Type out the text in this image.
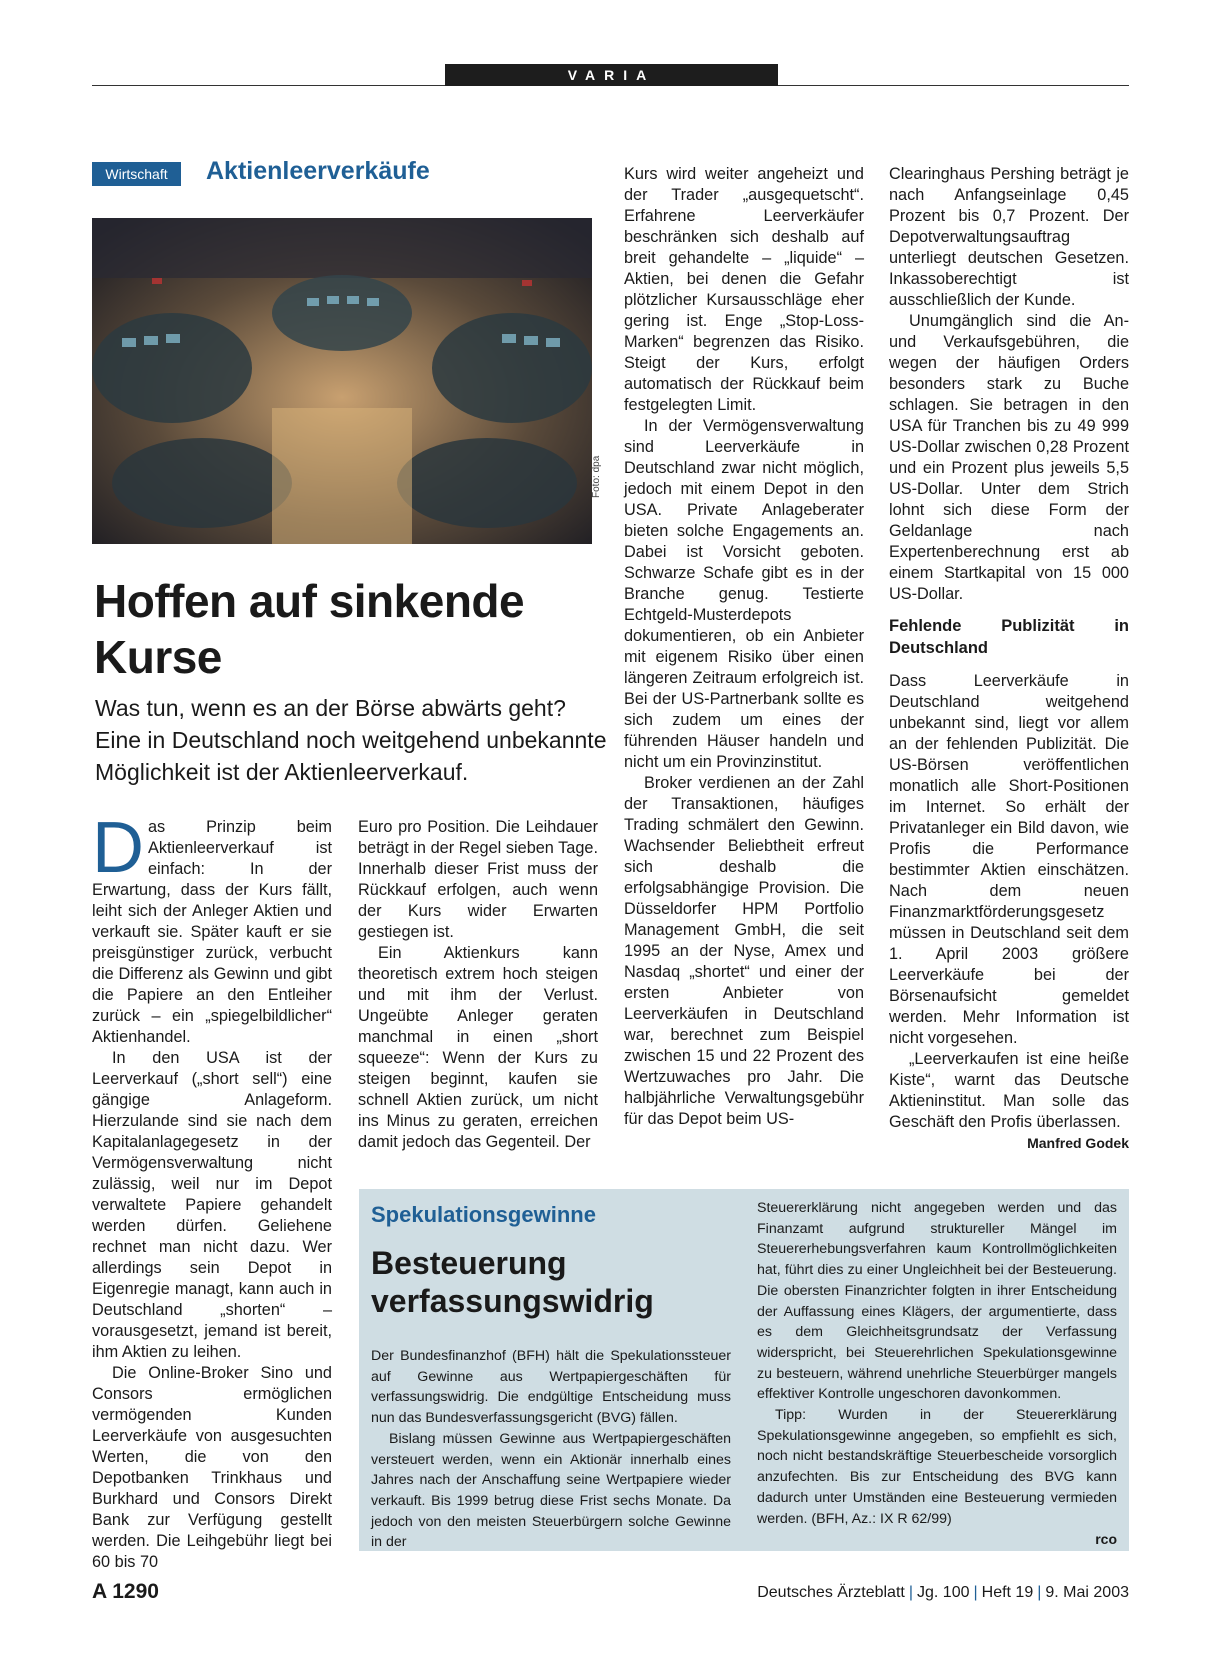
VARIA
Wirtschaft	Aktienleerverkäufe
Foto: dpa
Hoffen auf sinkende Kurse
Was tun, wenn es an der Börse abwärts geht? Eine in Deutschland noch weitgehend unbekannte Möglichkeit ist der Aktienleerverkauf.

Das Prinzip beim Aktienleerverkauf ist einfach: In der Erwartung, dass der Kurs fällt, leiht sich der Anleger Aktien und verkauft sie. Später kauft er sie preisgünstiger zurück, verbucht die Differenz als Gewinn und gibt die Papiere an den Entleiher zurück – ein „spiegelbildlicher“ Aktienhandel.

In den USA ist der Leerverkauf („short sell“) eine gängige Anlageform. Hierzulande sind sie nach dem Kapitalanlagegesetz in der Vermögensverwaltung nicht zulässig, weil nur im Depot verwaltete Papiere gehandelt werden dürfen. Geliehene rechnet man nicht dazu. Wer allerdings sein Depot in Eigenregie managt, kann auch in Deutschland „shorten“ – vorausgesetzt, jemand ist bereit, ihm Aktien zu leihen.

Die Online-Broker Sino und Consors ermöglichen vermögenden Kunden Leerverkäufe von ausgesuchten Werten, die von den Depotbanken Trinkhaus und Burkhard und Consors Direkt Bank zur Verfügung gestellt werden. Die Leihgebühr liegt bei 60 bis 70

Euro pro Position. Die Leihdauer beträgt in der Regel sieben Tage. Innerhalb dieser Frist muss der Rückkauf erfolgen, auch wenn der Kurs wider Erwarten gestiegen ist.

Ein Aktienkurs kann theoretisch extrem hoch steigen und mit ihm der Verlust. Ungeübte Anleger geraten manchmal in einen „short squeeze“: Wenn der Kurs zu steigen beginnt, kaufen sie schnell Aktien zurück, um nicht ins Minus zu geraten, erreichen damit jedoch das Gegenteil. Der

Kurs wird weiter angeheizt und der Trader „ausgequetscht“. Erfahrene Leerverkäufer beschränken sich deshalb auf breit gehandelte – „liquide“ – Aktien, bei denen die Gefahr plötzlicher Kursausschläge eher gering ist. Enge „Stop-Loss-Marken“ begrenzen das Risiko. Steigt der Kurs, erfolgt automatisch der Rückkauf beim festgelegten Limit.

In der Vermögensverwaltung sind Leerverkäufe in Deutschland zwar nicht möglich, jedoch mit einem Depot in den USA. Private Anlageberater bieten solche Engagements an. Dabei ist Vorsicht geboten. Schwarze Schafe gibt es in der Branche genug. Testierte Echtgeld-Musterdepots dokumentieren, ob ein Anbieter mit eigenem Risiko über einen längeren Zeitraum erfolgreich ist. Bei der US-Partnerbank sollte es sich zudem um eines der führenden Häuser handeln und nicht um ein Provinzinstitut.

Broker verdienen an der Zahl der Transaktionen, häufiges Trading schmälert den Gewinn. Wachsender Beliebtheit erfreut sich deshalb die erfolgsabhängige Provision. Die Düsseldorfer HPM Portfolio Management GmbH, die seit 1995 an der Nyse, Amex und Nasdaq „shortet“ und einer der ersten Anbieter von Leerverkäufen in Deutschland war, berechnet zum Beispiel zwischen 15 und 22 Prozent des Wertzuwaches pro Jahr. Die halbjährliche Verwaltungsgebühr für das Depot beim US-

Clearinghaus Pershing beträgt je nach Anfangseinlage 0,45 Prozent bis 0,7 Prozent. Der Depotverwaltungsauftrag unterliegt deutschen Gesetzen. Inkassoberechtigt ist ausschließlich der Kunde.

Unumgänglich sind die An- und Verkaufsgebühren, die wegen der häufigen Orders besonders stark zu Buche schlagen. Sie betragen in den USA für Tranchen bis zu 49 999 US-Dollar zwischen 0,28 Prozent und ein Prozent plus jeweils 5,5 US-Dollar. Unter dem Strich lohnt sich diese Form der Geldanlage nach Expertenberechnung erst ab einem Startkapital von 15 000 US-Dollar.

Fehlende Publizität in Deutschland

Dass Leerverkäufe in Deutschland weitgehend unbekannt sind, liegt vor allem an der fehlenden Publizität. Die US-Börsen veröffentlichen monatlich alle Short-Positionen im Internet. So erhält der Privatanleger ein Bild davon, wie Profis die Performance bestimmter Aktien einschätzen. Nach dem neuen Finanzmarktförderungsgesetz müssen in Deutschland seit dem 1. April 2003 größere Leerverkäufe bei der Börsenaufsicht gemeldet werden. Mehr Information ist nicht vorgesehen.

„Leerverkaufen ist eine heiße Kiste“, warnt das Deutsche Aktieninstitut. Man solle das Geschäft den Profis überlassen.

Manfred Godek
Spekulationsgewinne
Besteuerung verfassungswidrig

Der Bundesfinanzhof (BFH) hält die Spekulationssteuer auf Gewinne aus Wertpapiergeschäften für verfassungswidrig. Die endgültige Entscheidung muss nun das Bundesverfassungsgericht (BVG) fällen.

Bislang müssen Gewinne aus Wertpapiergeschäften versteuert werden, wenn ein Aktionär innerhalb eines Jahres nach der Anschaffung seine Wertpapiere wieder verkauft. Bis 1999 betrug diese Frist sechs Monate. Da jedoch von den meisten Steuerbürgern solche Gewinne in der

Steuererklärung nicht angegeben werden und das Finanzamt aufgrund struktureller Mängel im Steuererhebungsverfahren kaum Kontrollmöglichkeiten hat, führt dies zu einer Ungleichheit bei der Besteuerung. Die obersten Finanzrichter folgten in ihrer Entscheidung der Auffassung eines Klägers, der argumentierte, dass es dem Gleichheitsgrundsatz der Verfassung widerspricht, bei Steuerehrlichen Spekulationsgewinne zu besteuern, während unehrliche Steuerbürger mangels effektiver Kontrolle ungeschoren davonkommen.

Tipp: Wurden in der Steuererklärung Spekulationsgewinne angegeben, so empfiehlt es sich, noch nicht bestandskräftige Steuerbescheide vorsorglich anzufechten. Bis zur Entscheidung des BVG kann dadurch unter Umständen eine Besteuerung vermieden werden. (BFH, Az.: IX R 62/99)

rco
A 1290	Deutsches Ärzteblatt | Jg. 100 | Heft 19 | 9. Mai 2003
